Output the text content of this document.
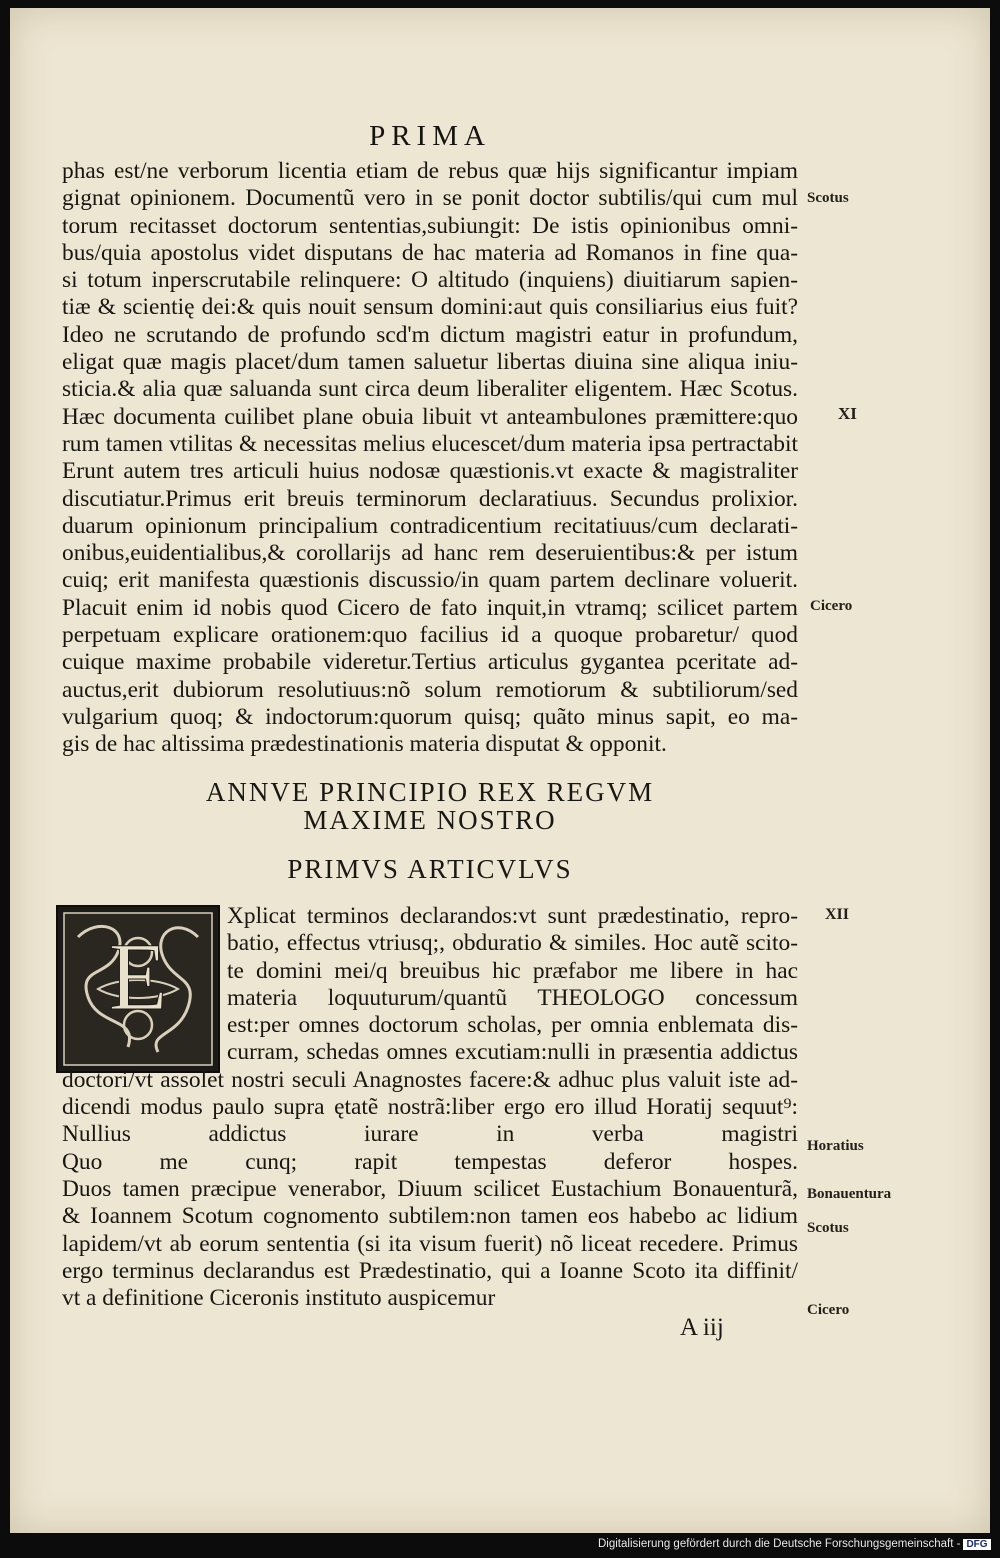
PRIMA
phas est/ne verborum licentia etiam de rebus quæ hijs significantur impiam
gignat opinionem. Documentũ vero in se ponit doctor subtilis/qui cum mul
torum recitasset doctorum sententias,subiungit: De istis opinionibus omni-
bus/quia apostolus videt disputans de hac materia ad Romanos in fine qua-
si totum inperscrutabile relinquere: O altitudo (inquiens) diuitiarum sapien-
tiæ & scientię dei:& quis nouit sensum domini:aut quis consiliarius eius fuit?
Ideo ne scrutando de profundo scd'm dictum magistri eatur in profundum,
eligat quæ magis placet/dum tamen saluetur libertas diuina sine aliqua iniu-
sticia.& alia quæ saluanda sunt circa deum liberaliter eligentem. Hæc Scotus.
Hæc documenta cuilibet plane obuia libuit vt anteambulones præmittere:quo
rum tamen vtilitas & necessitas melius elucescet/dum materia ipsa pertractabit
Erunt autem tres articuli huius nodosæ quæstionis.vt exacte & magistraliter
discutiatur.Primus erit breuis terminorum declaratiuus. Secundus prolixior.
duarum opinionum principalium contradicentium recitatiuus/cum declarati-
onibus,euidentialibus,& corollarijs ad hanc rem deseruientibus:& per istum
cuiq; erit manifesta quæstionis discussio/in quam partem declinare voluerit.
Placuit enim id nobis quod Cicero de fato inquit,in vtramq; scilicet partem
perpetuam explicare orationem:quo facilius id a quoque probaretur/ quod
cuique maxime probabile videretur.Tertius articulus gygantea pceritate ad-
auctus,erit dubiorum resolutiuus:nõ solum remotiorum & subtiliorum/sed
vulgarium quoq; & indoctorum:quorum quisq; quãto minus sapit, eo ma-
gis de hac altissima prædestinationis materia disputat & opponit.
ANNVE PRINCIPIO REX REGVM
MAXIME NOSTRO
PRIMVS ARTICVLVS
E
Xplicat terminos declarandos:vt sunt prædestinatio, repro-
batio, effectus vtriusq;, obduratio & similes. Hoc autẽ scito-
te domini mei/q breuibus hic præfabor me libere in hac
materia loquuturum/quantũ THEOLOGO concessum
est:per omnes doctorum scholas, per omnia enblemata dis-
curram, schedas omnes excutiam:nulli in præsentia addictus
doctori/vt assolet nostri seculi Anagnostes facere:& adhuc plus valuit iste ad-
dicendi modus paulo supra ętatẽ nostrã:liber ergo ero illud Horatij sequut⁹:
Nullius addictus iurare in verba magistri
Quo me cunq; rapit tempestas deferor hospes.
Duos tamen præcipue venerabor, Diuum scilicet Eustachium Bonauenturã,
& Ioannem Scotum cognomento subtilem:non tamen eos habebo ac lidium
lapidem/vt ab eorum sententia (si ita visum fuerit) nõ liceat recedere. Primus
ergo terminus declarandus est Prædestinatio, qui a Ioanne Scoto ita diffinit/
vt a definitione Ciceronis instituto auspicemur
Scotus
XI
Cicero
XII
Horatius
Bonauentura
Scotus
Cicero
A iij
Digitalisierung gefördert durch die Deutsche Forschungsgemeinschaft - DFG
